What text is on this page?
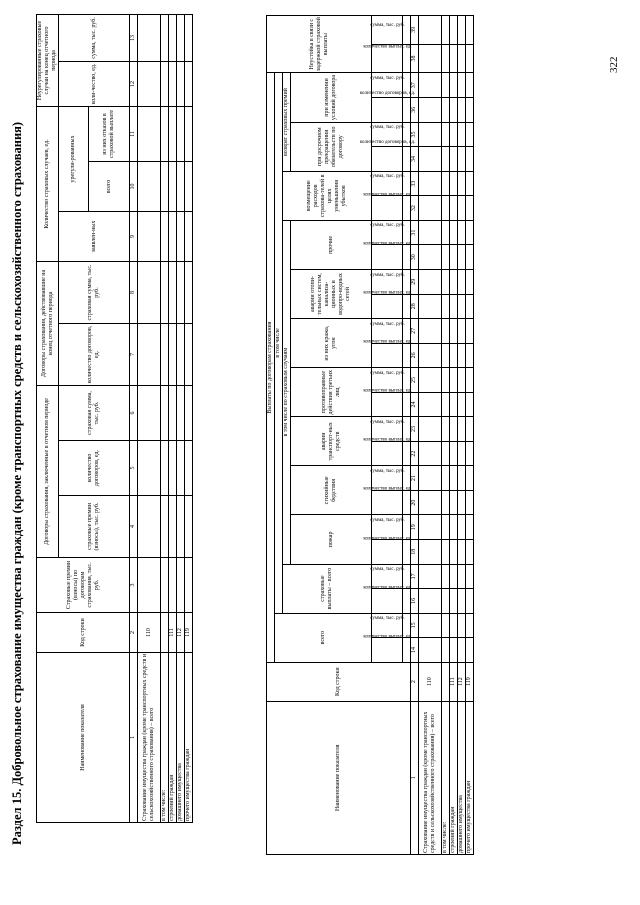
Раздел 15. Добровольное страхование имущества граждан (кроме транспортных средств и сельскохозяйственного страхования)	Наименование показателя	Код строки	Страховые премии (взносы) по договорам страхования, тыс. руб.	Договоры страхования, заключенные в отчетном периоде			Договоры страхования, действовавшие на конец отчетного периода		Количество страховых случаев, ед.			Неурегулированные страховые случаи на конец отчетного периода	
			страховые премии (взносы), тыс. руб.	количество договоров, ед.	страховая сумма, тыс. руб.	количество договоров, ед.	страховая сумма, тыс. руб.	заявлен-ных	урегули-рованных		коли-чество, ед.	сумма, тыс. руб.
									всего	из них отказов в страховой выплате		
1	2	3	4	5	6	7	8	9	10	11	12	13
Страхование имущества граждан (кроме транспортных средств и сельскохозяйственного страхования) – всего	110											
в том числе:												
строений граждан	111											
домашнего имущества	112											
прочего имущества граждан	119											
Наименование показателя	Код строки	Выплаты по договорам страхования																								Неустойка в связи с задержкой страховой выплаты	
		всего		в том числе																							
				страховые выплаты – всего		в том числе по страховым случаям														возмещение расходов страхова-телей в целях уменьшения убытков		возврат страховых премий					
						пожар		стихийные бедствия		аварии транспорт-ных средств		противоправные действия третьих лиц		из них кража, угон		аварии отопи-тельных систем, канализа-ционных и водопро-водных сетей		прочие				при досрочном прекращении обязательств по договору		при изменении условий договора			
		количество выплат, ед.	сумма, тыс. руб.	количество выплат, ед.	сумма, тыс. руб.	количество выплат, ед.	сумма, тыс. руб.	количество выплат, ед.	сумма, тыс. руб.	количество выплат, ед.	сумма, тыс. руб.	количество выплат, ед.	сумма, тыс. руб.	количество выплат, ед.	сумма, тыс. руб.	количество выплат, ед.	сумма, тыс. руб.	количество выплат, ед.	сумма, тыс. руб.	количество выплат, ед.	сумма, тыс. руб.	количество договоров, ед.	сумма, тыс. руб.	количество договоров, ед.	сумма, тыс. руб.	количество выплат, ед.	сумма, тыс. руб.

1	2	14	15	16	17	18	19	20	21	22	23	24	25	26	27	28	29	30	31	32	33	34	35	36	37	38	39
Страхование имущества граждан (кроме транспортных средств и сельскохозяйственного страхования) – всего	110																										
в том числе:																											
строений граждан	111																										
домашнего имущества	112																										
прочего имущества граждан	119																										
322
